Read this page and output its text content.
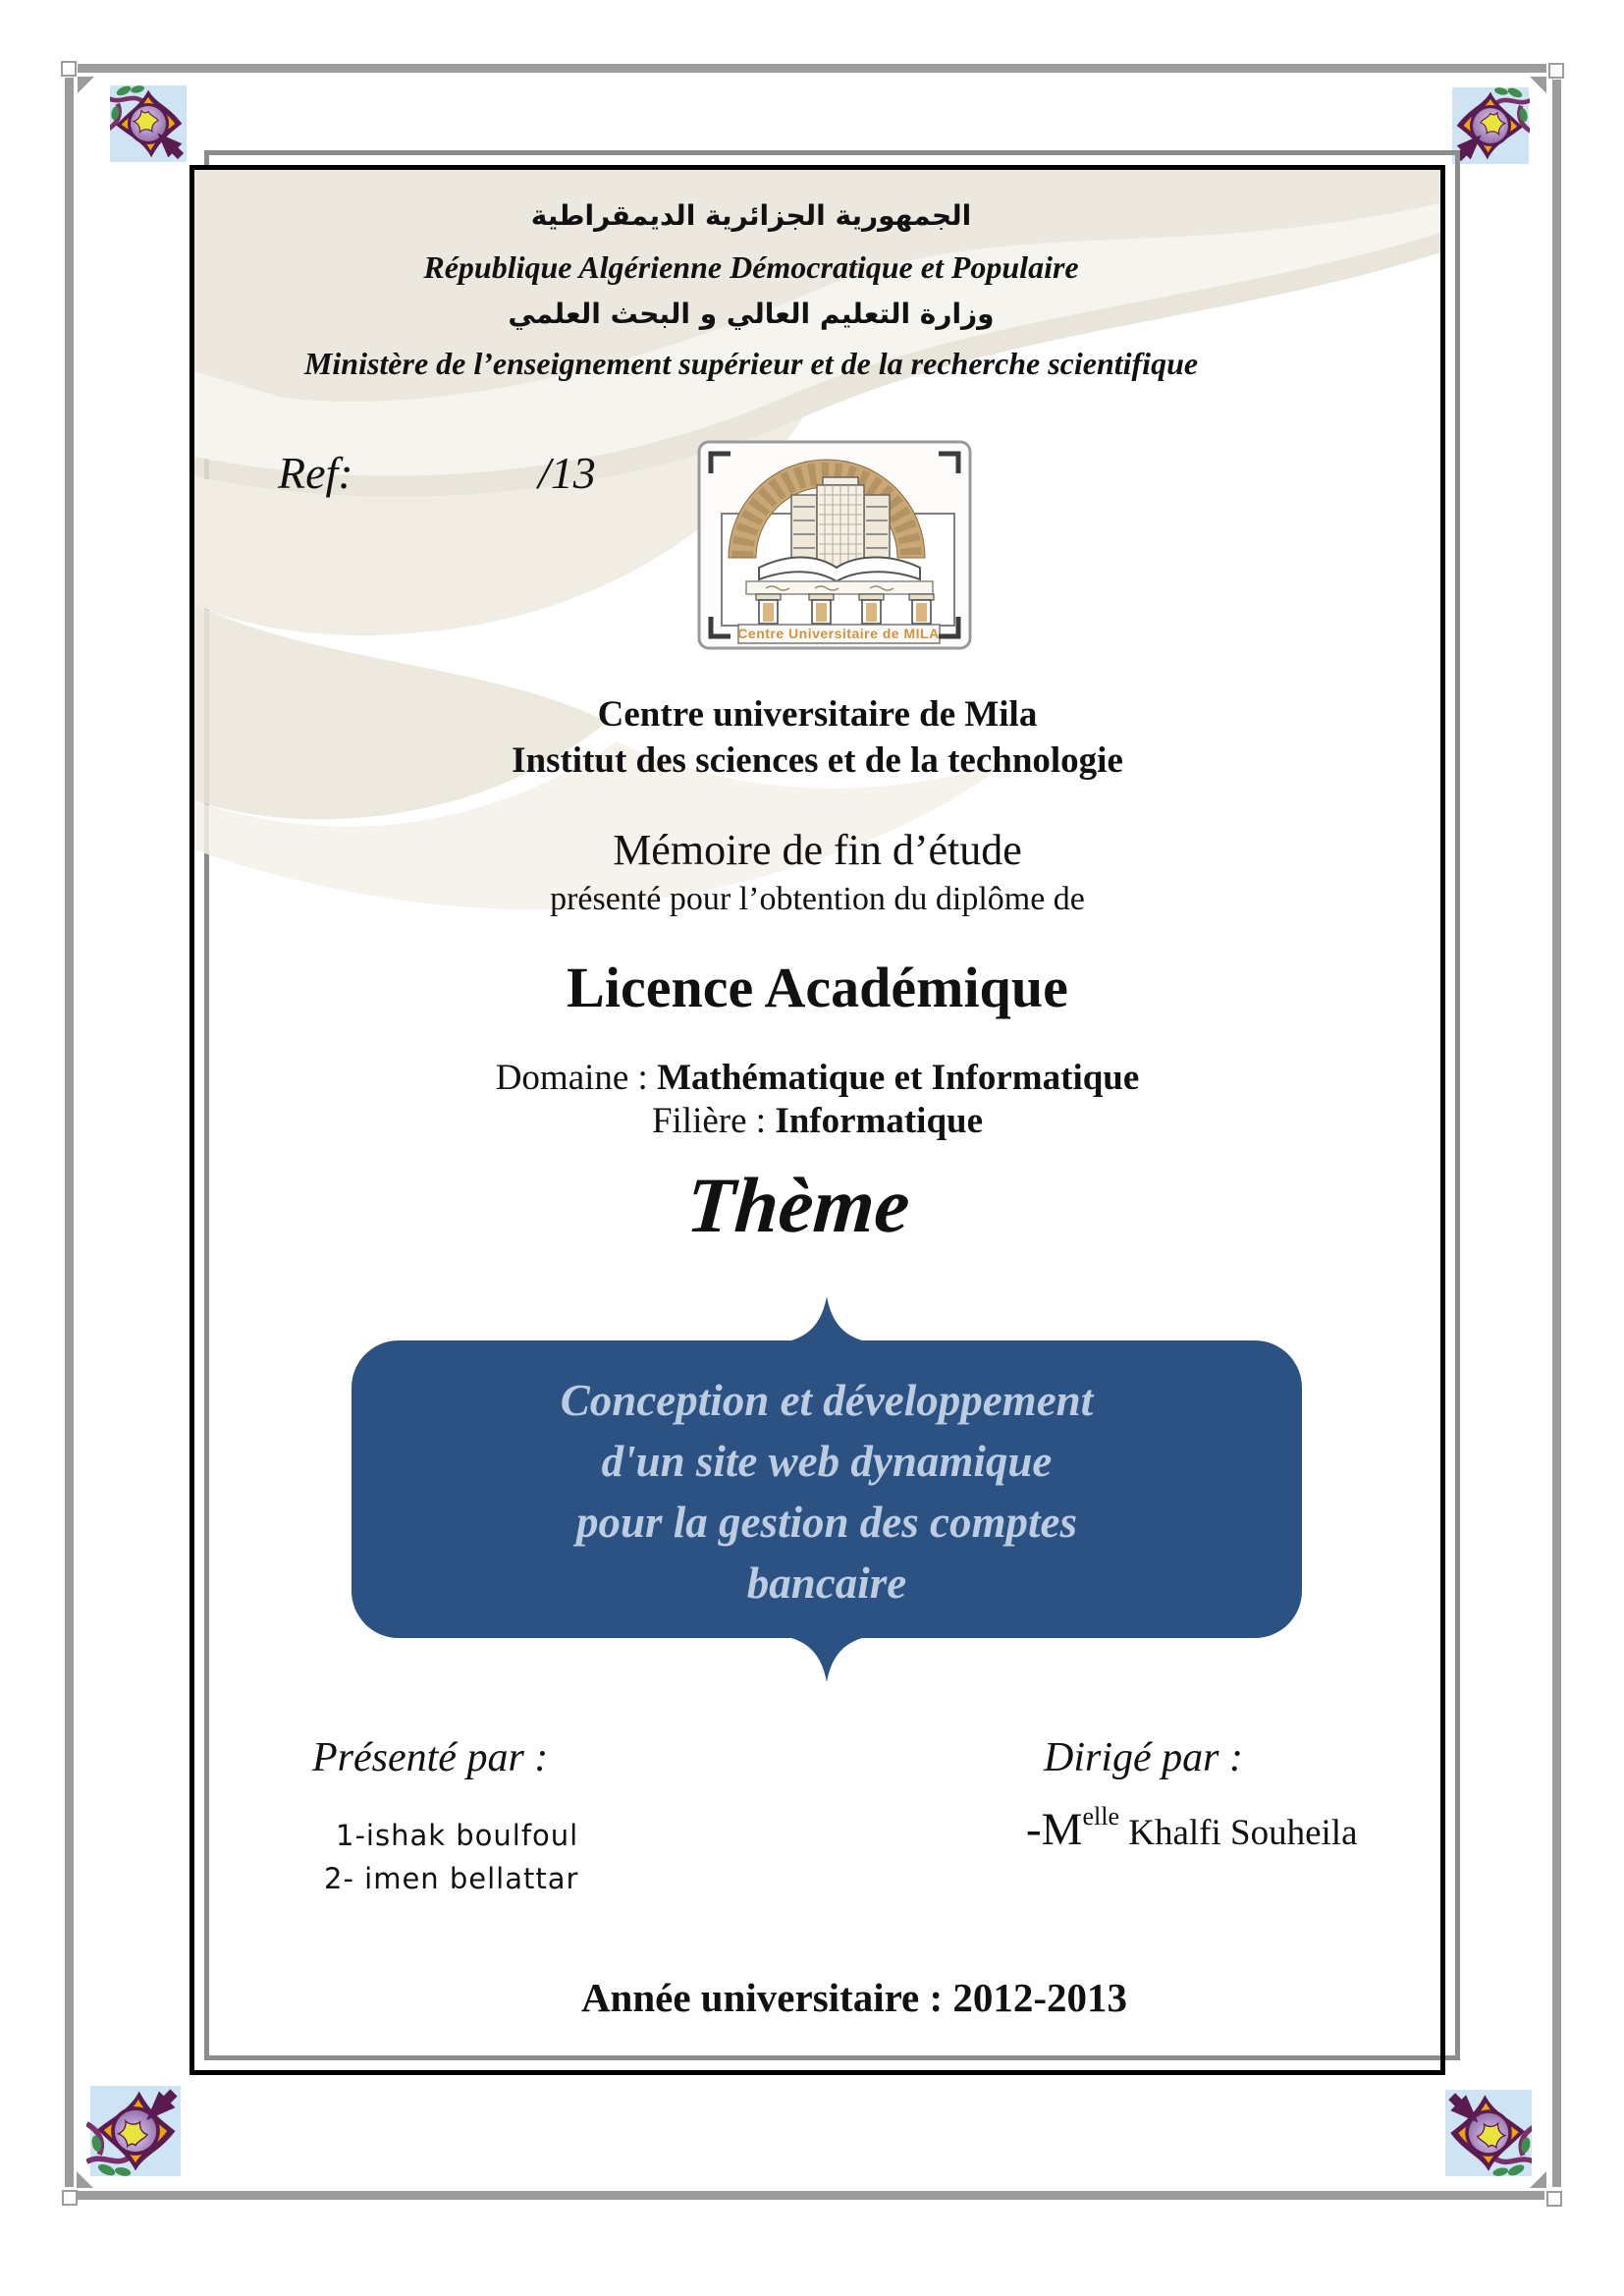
الجمهورية الجزائرية الديمقراطية
République Algérienne Démocratique et Populaire
وزارة التعليم العالي و البحث العلمي
Ministère de l’enseignement supérieur et de la recherche scientifique
Ref:	/13
Centre Universitaire de MILA
Centre universitaire de Mila
Institut des sciences et de la technologie
Mémoire de fin d’étude
présenté pour l’obtention du diplôme de
Licence Académique
Domaine : Mathématique et Informatique
Filière : Informatique
Thème
Conception et développement
d'un site web dynamique
pour la gestion des comptes
bancaire
Présenté par :	Dirigé par :
1-ishak boulfoul
2- imen bellattar
$-M^{elle}$ Khalfi Souheila
Année universitaire : 2012-2013
